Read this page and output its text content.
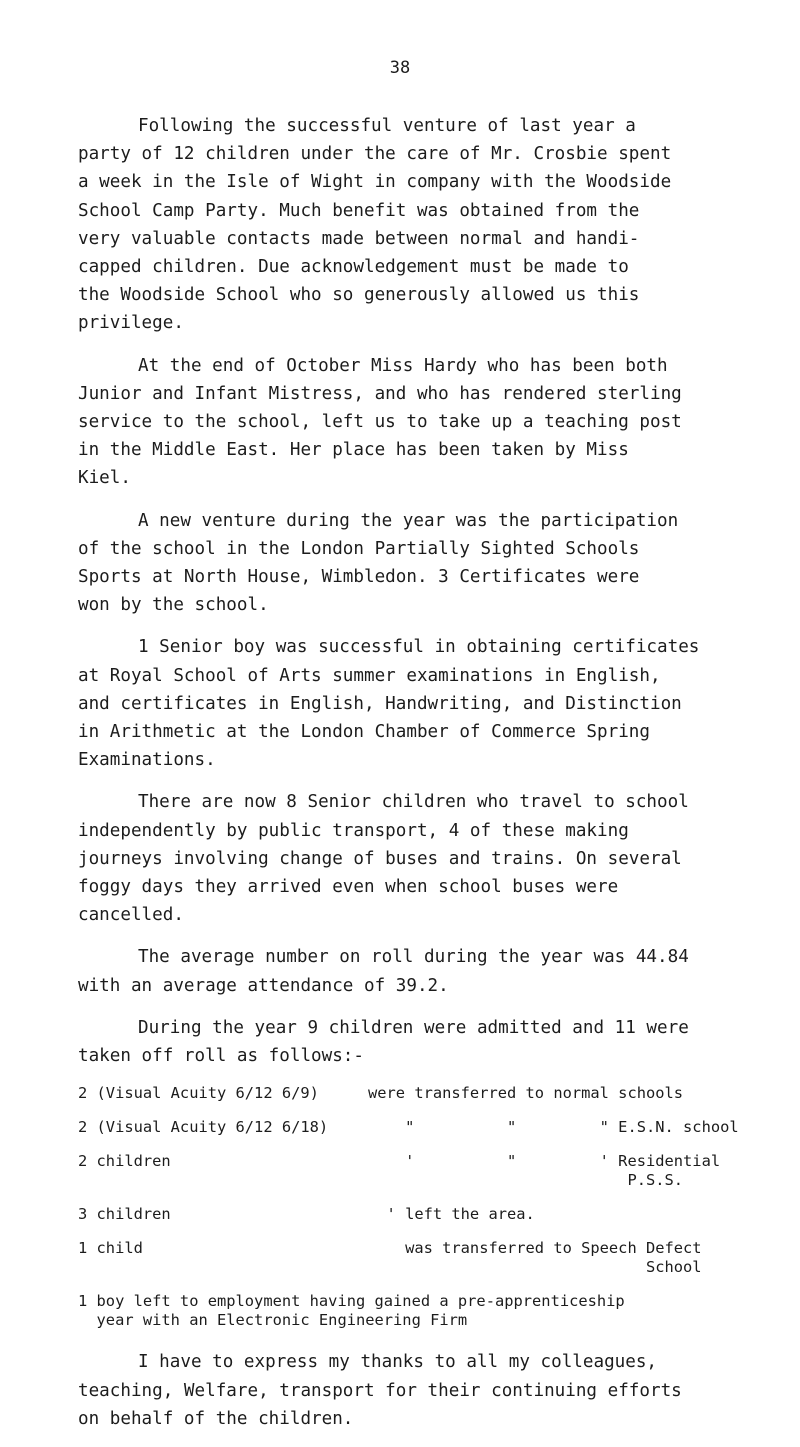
38

Following the successful venture of last year a
party of 12 children under the care of Mr. Crosbie spent
a week in the Isle of Wight in company with the Woodside
School Camp Party. Much benefit was obtained from the
very valuable contacts made between normal and handi-
capped children. Due acknowledgement must be made to
the Woodside School who so generously allowed us this
privilege.

At the end of October Miss Hardy who has been both
Junior and Infant Mistress, and who has rendered sterling
service to the school, left us to take up a teaching post
in the Middle East. Her place has been taken by Miss
Kiel.

A new venture during the year was the participation
of the school in the London Partially Sighted Schools
Sports at North House, Wimbledon. 3 Certificates were
won by the school.

1 Senior boy was successful in obtaining certificates
at Royal School of Arts summer examinations in English,
and certificates in English, Handwriting, and Distinction
in Arithmetic at the London Chamber of Commerce Spring
Examinations.

There are now 8 Senior children who travel to school
independently by public transport, 4 of these making
journeys involving change of buses and trains. On several
foggy days they arrived even when school buses were
cancelled.

The average number on roll during the year was 44.84
with an average attendance of 39.2.

During the year 9 children were admitted and 11 were
taken off roll as follows:-

2 (Visual Acuity 6/12 6/9)	were transferred to normal schools
2 (Visual Acuity 6/12 6/18)	"          "         " E.S.N. school
2 children	'          "         ' Residential
P.S.S.
3 children	' left the area.
1 child	was transferred to Speech Defect
School
1 boy left to employment having gained a pre-apprenticeship
year with an Electronic Engineering Firm

I have to express my thanks to all my colleagues,
teaching, Welfare, transport for their continuing efforts
on behalf of the children.
